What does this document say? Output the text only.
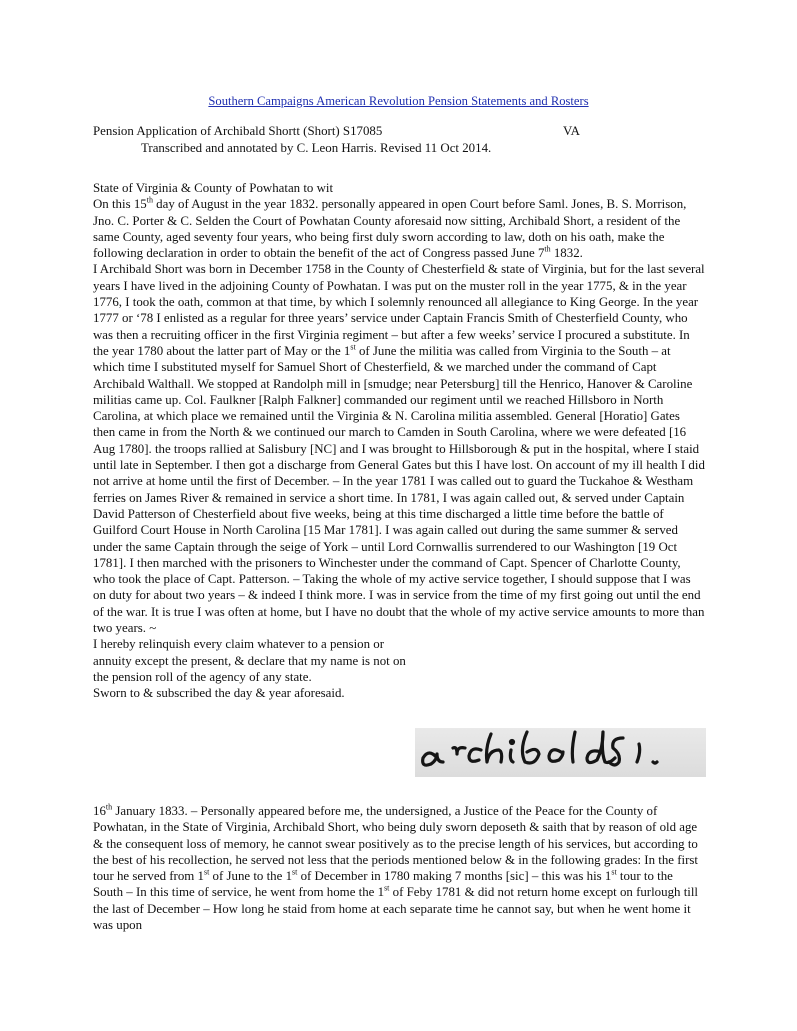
Southern Campaigns American Revolution Pension Statements and Rosters
Pension Application of Archibald Shortt (Short) S17085	VA
Transcribed and annotated by C. Leon Harris. Revised 11 Oct 2014.

State of Virginia & County of Powhatan to wit

On this 15th day of August in the year 1832. personally appeared in open Court before Saml. Jones, B. S. Morrison, Jno. C. Porter & C. Selden the Court of Powhatan County aforesaid now sitting, Archibald Short, a resident of the same County, aged seventy four years, who being first duly sworn according to law, doth on his oath, make the following declaration in order to obtain the benefit of the act of Congress passed June 7th 1832.

I Archibald Short was born in December 1758 in the County of Chesterfield & state of Virginia, but for the last several years I have lived in the adjoining County of Powhatan. I was put on the muster roll in the year 1775, & in the year 1776, I took the oath, common at that time, by which I solemnly renounced all allegiance to King George. In the year 1777 or ‘78 I enlisted as a regular for three years’ service under Captain Francis Smith of Chesterfield County, who was then a recruiting officer in the first Virginia regiment – but after a few weeks’ service I procured a substitute. In the year 1780 about the latter part of May or the 1st of June the militia was called from Virginia to the South – at which time I substituted myself for Samuel Short of Chesterfield, & we marched under the command of Capt Archibald Walthall. We stopped at Randolph mill in [smudge; near Petersburg] till the Henrico, Hanover & Caroline militias came up. Col. Faulkner [Ralph Falkner] commanded our regiment until we reached Hillsboro in North Carolina, at which place we remained until the Virginia & N. Carolina militia assembled. General [Horatio] Gates then came in from the North & we continued our march to Camden in South Carolina, where we were defeated [16 Aug 1780]. the troops rallied at Salisbury [NC] and I was brought to Hillsborough & put in the hospital, where I staid until late in September. I then got a discharge from General Gates but this I have lost. On account of my ill health I did not arrive at home until the first of December. – In the year 1781 I was called out to guard the Tuckahoe & Westham ferries on James River & remained in service a short time. In 1781, I was again called out, & served under Captain David Patterson of Chesterfield about five weeks, being at this time discharged a little time before the battle of Guilford Court House in North Carolina [15 Mar 1781]. I was again called out during the same summer & served under the same Captain through the seige of York – until Lord Cornwallis surrendered to our Washington [19 Oct 1781]. I then marched with the prisoners to Winchester under the command of Capt. Spencer of Charlotte County, who took the place of Capt. Patterson. – Taking the whole of my active service together, I should suppose that I was on duty for about two years – & indeed I think more. I was in service from the time of my first going out until the end of the war. It is true I was often at home, but I have no doubt that the whole of my active service amounts to more than two years. ~

I hereby relinquish every claim whatever to a pension or annuity except the present, & declare that my name is not on the pension roll of the agency of any state.

Sworn to & subscribed the day & year aforesaid.

16th January 1833. – Personally appeared before me, the undersigned, a Justice of the Peace for the County of Powhatan, in the State of Virginia, Archibald Short, who being duly sworn deposeth & saith that by reason of old age & the consequent loss of memory, he cannot swear positively as to the precise length of his services, but according to the best of his recollection, he served not less that the periods mentioned below & in the following grades: In the first tour he served from 1st of June to the 1st of December in 1780 making 7 months [sic] – this was his 1st tour to the South – In this time of service, he went from home the 1st of Feby 1781 & did not return home except on furlough till the last of December – How long he staid from home at each separate time he cannot say, but when he went home it was upon
